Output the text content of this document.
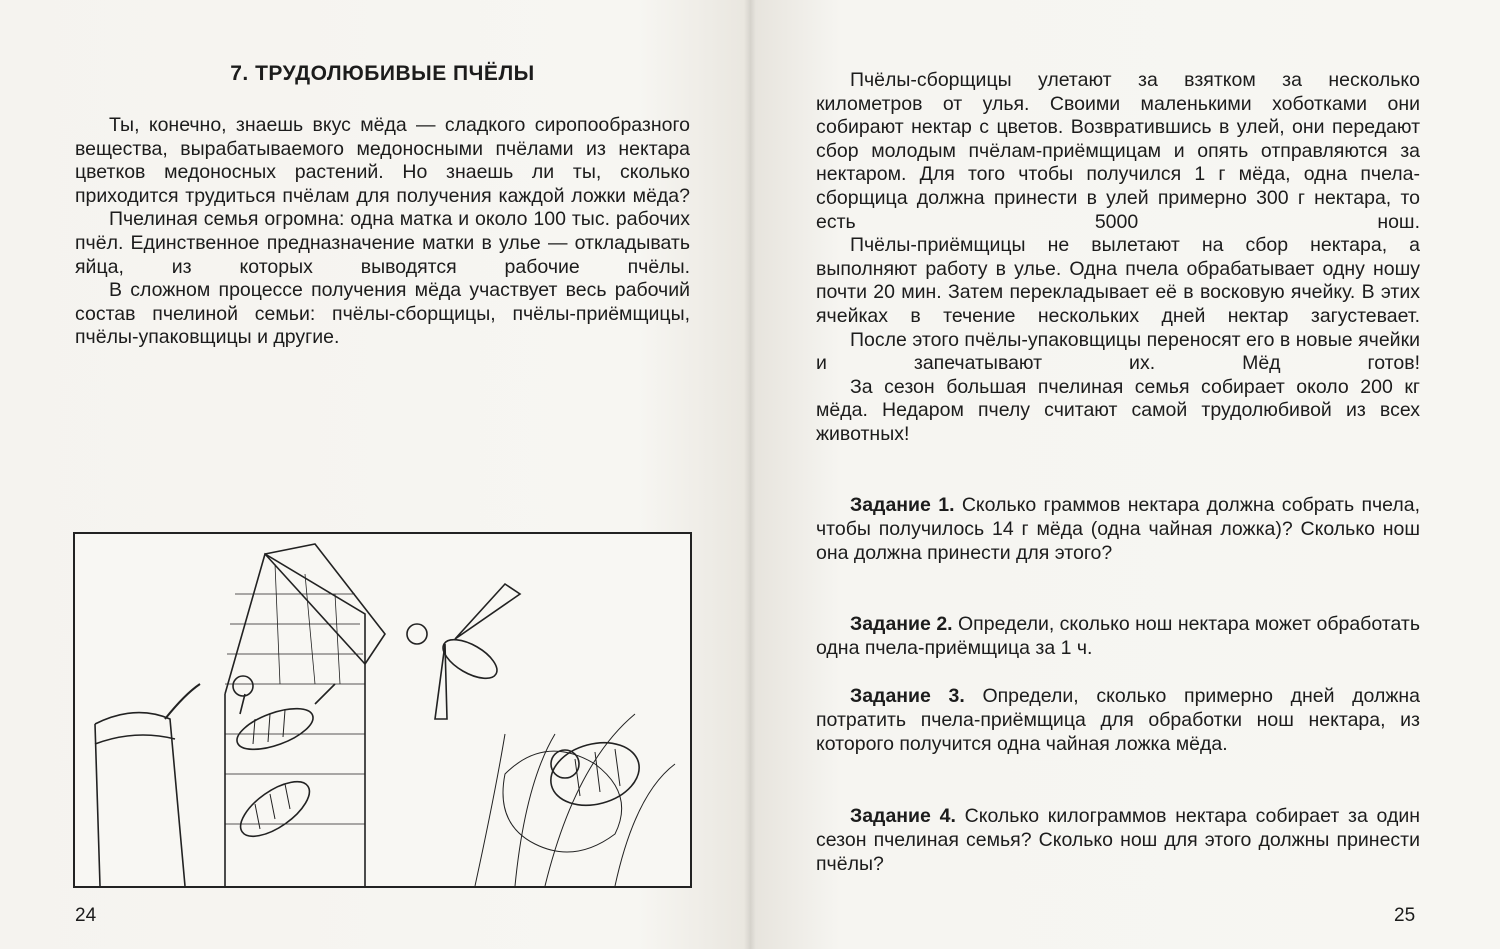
7. ТРУДОЛЮБИВЫЕ ПЧЁЛЫ

Ты, конечно, знаешь вкус мёда — сладкого сиропообразного вещества, вырабатываемого медоносными пчёлами из нектара цветков медоносных растений. Но знаешь ли ты, сколько приходится трудиться пчёлам для получения каждой ложки мёда?

Пчелиная семья огромна: одна матка и около 100 тыс. рабочих пчёл. Единственное предназначение матки в улье — откладывать яйца, из которых выводятся рабочие пчёлы.

В сложном процессе получения мёда участвует весь рабочий состав пчелиной семьи: пчёлы-сборщицы, пчёлы-приёмщицы, пчёлы-упаковщицы и другие.

24

Пчёлы-сборщицы улетают за взятком за несколько километров от улья. Своими маленькими хоботками они собирают нектар с цветов. Возвратившись в улей, они передают сбор молодым пчёлам-приёмщицам и опять отправляются за нектаром. Для того чтобы получился 1 г мёда, одна пчела-сборщица должна принести в улей примерно 300 г нектара, то есть 5000 нош.

Пчёлы-приёмщицы не вылетают на сбор нектара, а выполняют работу в улье. Одна пчела обрабатывает одну ношу почти 20 мин. Затем перекладывает её в восковую ячейку. В этих ячейках в течение нескольких дней нектар загустевает.

После этого пчёлы-упаковщицы переносят его в новые ячейки и запечатывают их. Мёд готов!

За сезон большая пчелиная семья собирает около 200 кг мёда. Недаром пчелу считают самой трудолюбивой из всех животных!

Задание 1. Сколько граммов нектара должна собрать пчела, чтобы получилось 14 г мёда (одна чайная ложка)? Сколько нош она должна принести для этого?

Задание 2. Определи, сколько нош нектара может обработать одна пчела-приёмщица за 1 ч.

Задание 3. Определи, сколько примерно дней должна потратить пчела-приёмщица для обработки нош нектара, из которого получится одна чайная ложка мёда.

Задание 4. Сколько килограммов нектара собирает за один сезон пчелиная семья? Сколько нош для этого должны принести пчёлы?

25
